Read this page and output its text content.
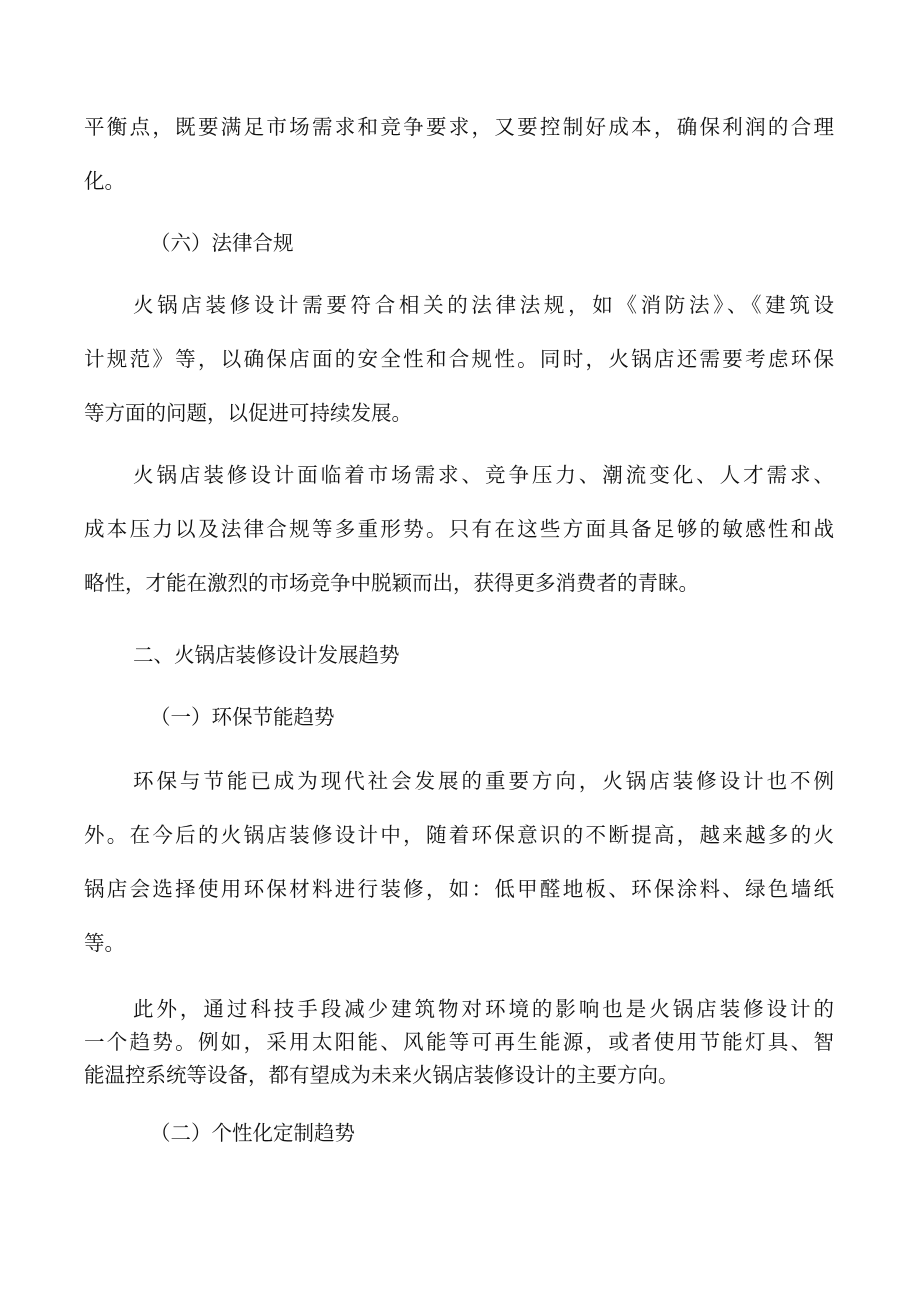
平衡点，既要满足市场需求和竞争要求，又要控制好成本，确保利润的合理
化。
（六）法律合规
火锅店装修设计需要符合相关的法律法规，如《消防法》、《建筑设
计规范》等，以确保店面的安全性和合规性。同时，火锅店还需要考虑环保
等方面的问题，以促进可持续发展。
火锅店装修设计面临着市场需求、竞争压力、潮流变化、人才需求、
成本压力以及法律合规等多重形势。只有在这些方面具备足够的敏感性和战
略性，才能在激烈的市场竞争中脱颖而出，获得更多消费者的青睐。
二、火锅店装修设计发展趋势
（一）环保节能趋势
环保与节能已成为现代社会发展的重要方向，火锅店装修设计也不例
外。在今后的火锅店装修设计中，随着环保意识的不断提高，越来越多的火
锅店会选择使用环保材料进行装修，如：低甲醛地板、环保涂料、绿色墙纸
等。
此外，通过科技手段减少建筑物对环境的影响也是火锅店装修设计的
一个趋势。例如，采用太阳能、风能等可再生能源，或者使用节能灯具、智
能温控系统等设备，都有望成为未来火锅店装修设计的主要方向。
（二）个性化定制趋势
